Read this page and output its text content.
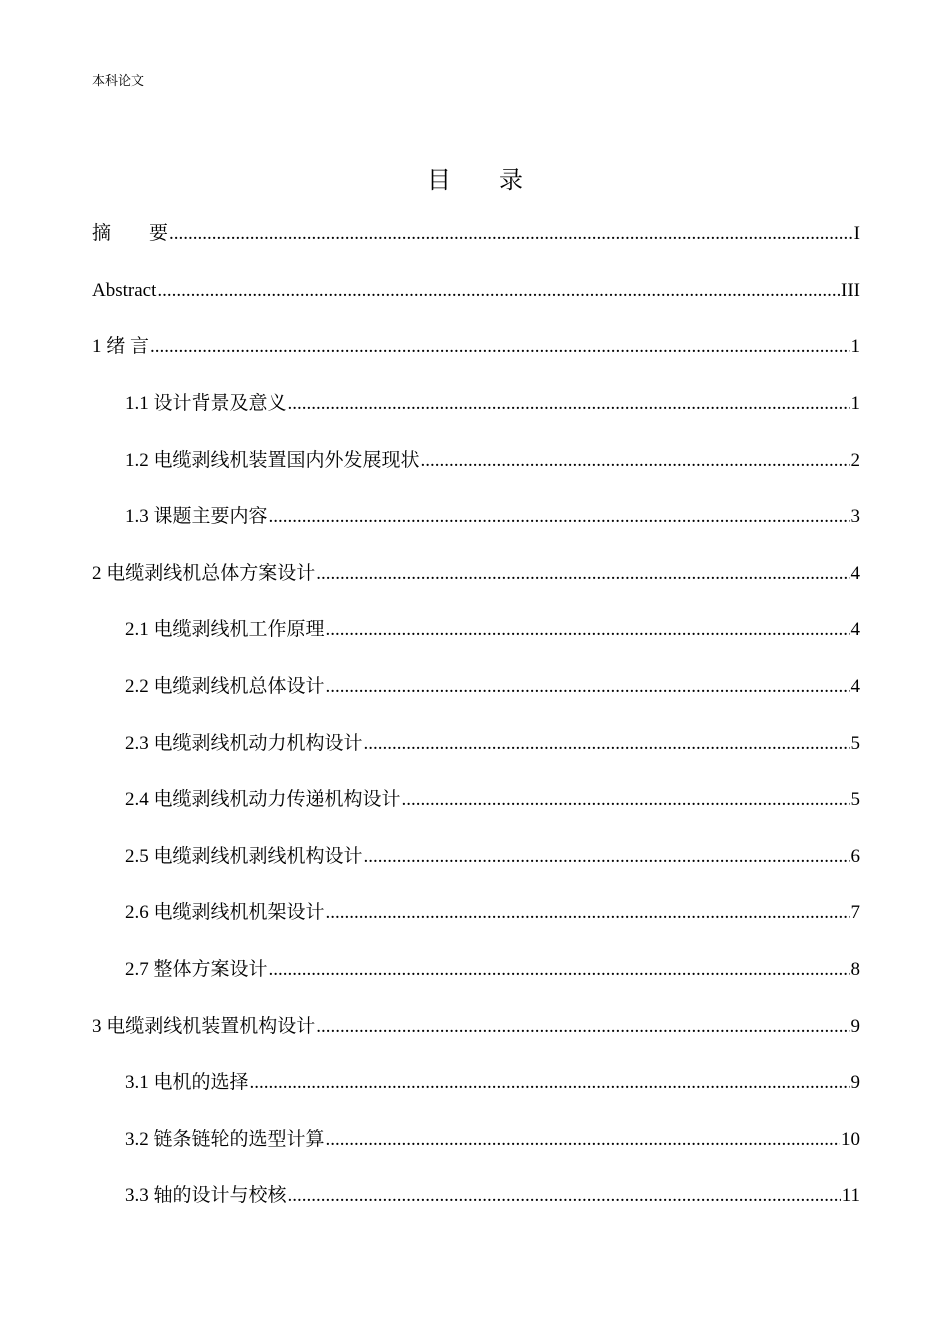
本科论文
目录
摘　　要 .....	I
Abstract .....	III
1 绪 言 .....	1
1.1 设计背景及意义 .....	1
1.2 电缆剥线机装置国内外发展现状 .....	2
1.3 课题主要内容 .....	3
2 电缆剥线机总体方案设计 .....	4
2.1 电缆剥线机工作原理 .....	4
2.2 电缆剥线机总体设计 .....	4
2.3 电缆剥线机动力机构设计 .....	5
2.4 电缆剥线机动力传递机构设计 .....	5
2.5 电缆剥线机剥线机构设计 .....	6
2.6 电缆剥线机机架设计 .....	7
2.7 整体方案设计 .....	8
3 电缆剥线机装置机构设计 .....	9
3.1 电机的选择 .....	9
3.2 链条链轮的选型计算 .....	10
3.3 轴的设计与校核 .....	11
